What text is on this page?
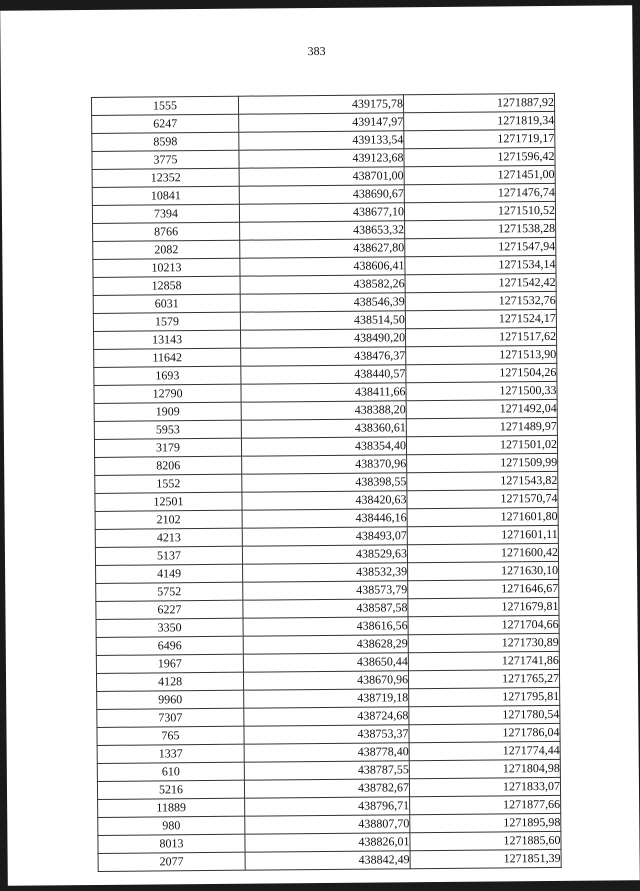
383
1555	439175,78	1271887,92
6247	439147,97	1271819,34
8598	439133,54	1271719,17
3775	439123,68	1271596,42
12352	438701,00	1271451,00
10841	438690,67	1271476,74
7394	438677,10	1271510,52
8766	438653,32	1271538,28
2082	438627,80	1271547,94
10213	438606,41	1271534,14
12858	438582,26	1271542,42
6031	438546,39	1271532,76
1579	438514,50	1271524,17
13143	438490,20	1271517,62
11642	438476,37	1271513,90
1693	438440,57	1271504,26
12790	438411,66	1271500,33
1909	438388,20	1271492,04
5953	438360,61	1271489,97
3179	438354,40	1271501,02
8206	438370,96	1271509,99
1552	438398,55	1271543,82
12501	438420,63	1271570,74
2102	438446,16	1271601,80
4213	438493,07	1271601,11
5137	438529,63	1271600,42
4149	438532,39	1271630,10
5752	438573,79	1271646,67
6227	438587,58	1271679,81
3350	438616,56	1271704,66
6496	438628,29	1271730,89
1967	438650,44	1271741,86
4128	438670,96	1271765,27
9960	438719,18	1271795,81
7307	438724,68	1271780,54
765	438753,37	1271786,04
1337	438778,40	1271774,44
610	438787,55	1271804,98
5216	438782,67	1271833,07
11889	438796,71	1271877,66
980	438807,70	1271895,98
8013	438826,01	1271885,60
2077	438842,49	1271851,39
